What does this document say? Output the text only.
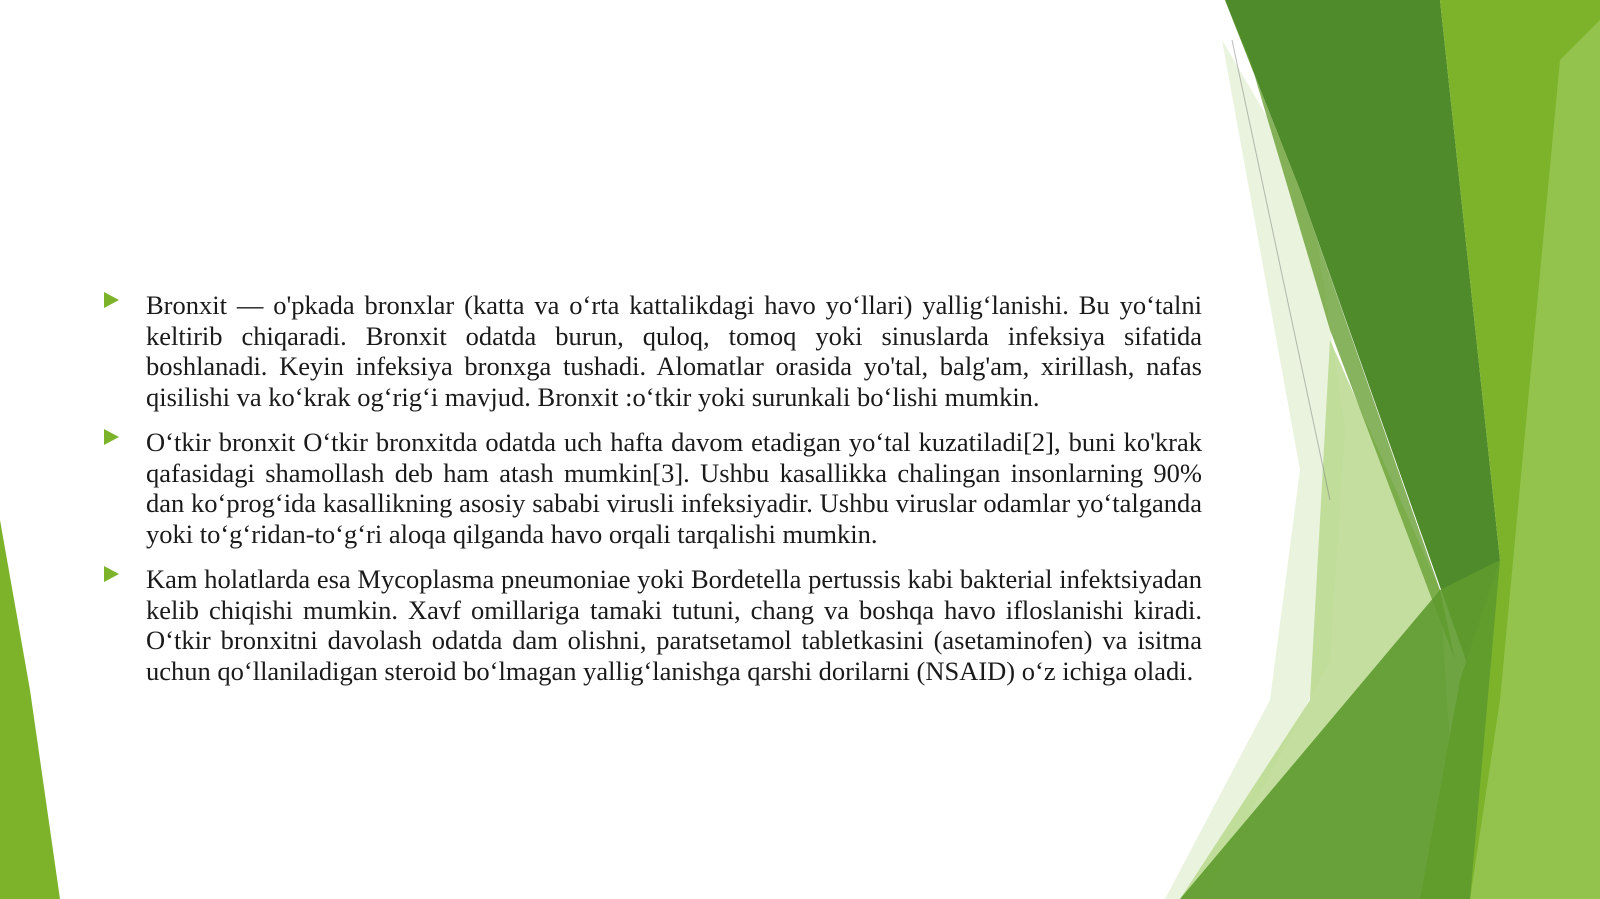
Bronxit — o'pkada bronxlar (katta va o‘rta kattalikdagi havo yo‘llari) yallig‘lanishi. Bu yo‘talni keltirib chiqaradi. Bronxit odatda burun, quloq, tomoq yoki sinuslarda infeksiya sifatida boshlanadi. Keyin infeksiya bronxga tushadi. Alomatlar orasida yo'tal, balg'am, xirillash, nafas qisilishi va ko‘krak og‘rig‘i mavjud. Bronxit :o‘tkir yoki surunkali bo‘lishi mumkin.
O‘tkir bronxit O‘tkir bronxitda odatda uch hafta davom etadigan yo‘tal kuzatiladi[2], buni ko'krak qafasidagi shamollash deb ham atash mumkin[3]. Ushbu kasallikka chalingan insonlarning 90% dan ko‘prog‘ida kasallikning asosiy sababi virusli infeksiyadir. Ushbu viruslar odamlar yo‘talganda yoki to‘g‘ridan-to‘g‘ri aloqa qilganda havo orqali tarqalishi mumkin.
Kam holatlarda esa Mycoplasma pneumoniae yoki Bordetella pertussis kabi bakterial infektsiyadan kelib chiqishi mumkin. Xavf omillariga tamaki tutuni, chang va boshqa havo ifloslanishi kiradi. O‘tkir bronxitni davolash odatda dam olishni, paratsetamol tabletkasini (asetaminofen) va isitma uchun qo‘llaniladigan steroid bo‘lmagan yallig‘lanishga qarshi dorilarni (NSAID) o‘z ichiga oladi.
